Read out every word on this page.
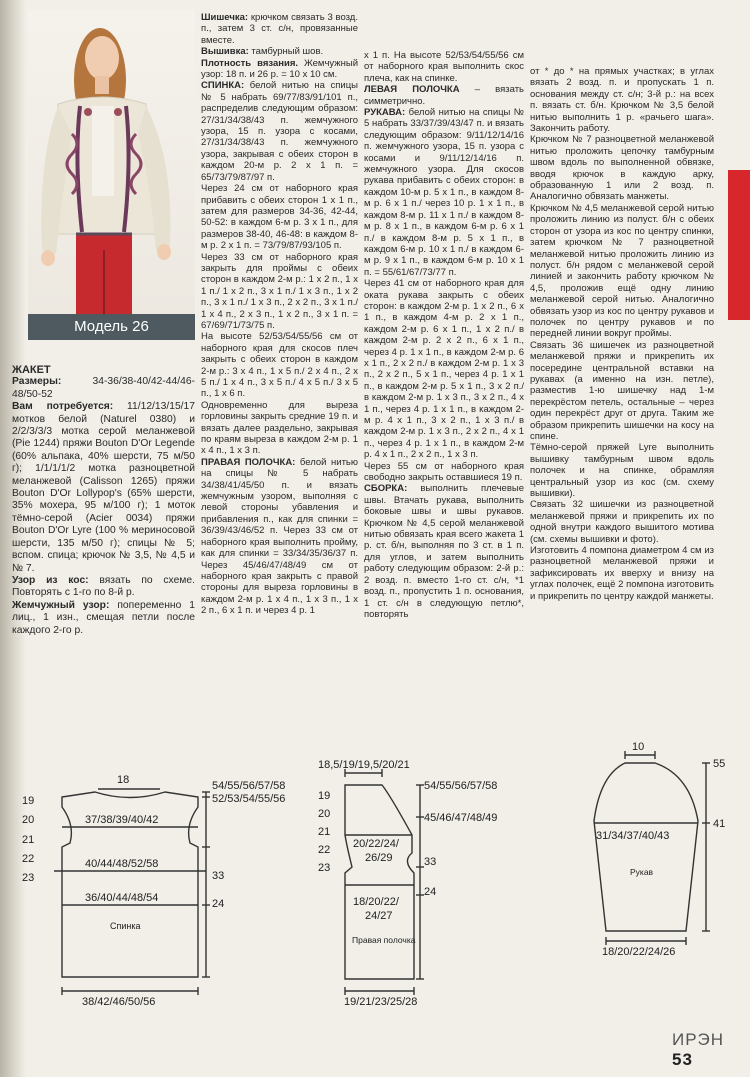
Модель 26

ЖАКЕТ

Размеры:	34-36/38-40/42-44/46-48/50-52

Вам потребуется: 11/12/13/15/17 мотков белой (Naturel 0380) и 2/2/3/3/3 мотка серой меланжевой (Pie 1244) пряжи Bouton D'Or Legende (60% альпака, 40% шерсти, 75 м/50 г); 1/1/1/1/2 мотка разноцветной меланжевой (Calisson 1265) пряжи Bouton D'Or Lollypop's (65% шерсти, 35% мохера, 95 м/100 г); 1 моток тёмно-серой (Acier 0034) пряжи Bouton D'Or Lyre (100 % мериносовой шерсти, 135 м/50 г); спицы № 5; вспом. спица; крючок № 3,5, № 4,5 и № 7.

Узор из кос: вязать по схеме. Повторять с 1-го по 8-й р.

Жемчужный узор: попеременно 1 лиц., 1 изн., смещая петли после каждого 2-го р.

Шишечка: крючком связать 3 возд. п., затем 3 ст. с/н, провязанные вместе.

Вышивка: тамбурный шов.

Плотность вязания. Жемчужный узор: 18 п. и 26 р. = 10 х 10 см.

СПИНКА: белой нитью на спицы № 5 набрать 69/77/83/91/101 п., распределив следующим образом: 27/31/34/38/43 п. жемчужного узора, 15 п. узора с косами, 27/31/34/38/43 п. жемчужного узора, закрывая с обеих сторон в каждом 20-м р. 2 х 1 п. = 65/73/79/87/97 п.

Через 24 см от наборного края прибавить с обеих сторон 1 х 1 п., затем для размеров 34-36, 42-44, 50-52: в каждом 6-м р. 3 х 1 п., для размеров 38-40, 46-48: в каждом 8-м р. 2 х 1 п. = 73/79/87/93/105 п.

Через 33 см от наборного края закрыть для проймы с обеих сторон в каждом 2-м р.: 1 х 2 п., 1 х 1 п./ 1 х 2 п., 3 х 1 п./ 1 х 3 п., 1 х 2 п., 3 х 1 п./ 1 х 3 п., 2 х 2 п., 3 х 1 п./ 1 х 4 п., 2 х 3 п., 1 х 2 п., 3 х 1 п. = 67/69/71/73/75 п.

На высоте 52/53/54/55/56 см от наборного края для скосов плеч закрыть с обеих сторон в каждом 2-м р.: 3 х 4 п., 1 х 5 п./ 2 х 4 п., 2 х 5 п./ 1 х 4 п., 3 х 5 п./ 4 х 5 п./ 3 х 5 п., 1 х 6 п.

Одновременно для выреза горловины закрыть средние 19 п. и вязать далее раздельно, закрывая по краям выреза в каждом 2-м р. 1 х 4 п., 1 х 3 п.

ПРАВАЯ ПОЛОЧКА: белой нитью на спицы № 5 набрать 34/38/41/45/50 п. и вязать жемчужным узором, выполняя с левой стороны убавления и прибавления п., как для спинки = 36/39/43/46/52 п. Через 33 см от наборного края выполнить пройму, как для спинки = 33/34/35/36/37 п. Через 45/46/47/48/49 см от наборного края закрыть с правой стороны для выреза горловины в каждом 2-м р. 1 х 4 п., 1 х 3 п., 1 х 2 п., 6 х 1 п. и через 4 р. 1

х 1 п. На высоте 52/53/54/55/56 см от наборного края выполнить скос плеча, как на спинке.

ЛЕВАЯ ПОЛОЧКА – вязать симметрично.

РУКАВА: белой нитью на спицы № 5 набрать 33/37/39/43/47 п. и вязать следующим образом: 9/11/12/14/16 п. жемчужного узора, 15 п. узора с косами и 9/11/12/14/16 п. жемчужного узора. Для скосов рукава прибавить с обеих сторон: в каждом 10-м р. 5 х 1 п., в каждом 8-м р. 6 х 1 п./ через 10 р. 1 х 1 п., в каждом 8-м р. 11 х 1 п./ в каждом 8-м р. 8 х 1 п., в каждом 6-м р. 6 х 1 п./ в каждом 8-м р. 5 х 1 п., в каждом 6-м р. 10 х 1 п./ в каждом 6-м р. 9 х 1 п., в каждом 6-м р. 10 х 1 п. = 55/61/67/73/77 п.

Через 41 см от наборного края для оката рукава закрыть с обеих сторон: в каждом 2-м р. 1 х 2 п., 6 х 1 п., в каждом 4-м р. 2 х 1 п., каждом 2-м р. 6 х 1 п., 1 х 2 п./ в каждом 2-м р. 2 х 2 п., 6 х 1 п., через 4 р. 1 х 1 п., в каждом 2-м р. 6 х 1 п., 2 х 2 п./ в каждом 2-м р. 1 х 3 п., 2 х 2 п., 5 х 1 п., через 4 р. 1 х 1 п., в каждом 2-м р. 5 х 1 п., 3 х 2 п./ в каждом 2-м р. 1 х 3 п., 3 х 2 п., 4 х 1 п., через 4 р. 1 х 1 п., в каждом 2-м р. 4 х 1 п., 3 х 2 п., 1 х 3 п./ в каждом 2-м р. 1 х 3 п., 2 х 2 п., 4 х 1 п., через 4 р. 1 х 1 п., в каждом 2-м р. 4 х 1 п., 2 х 2 п., 1 х 3 п.

Через 55 см от наборного края свободно закрыть оставшиеся 19 п.

СБОРКА: выполнить плечевые швы. Втачать рукава, выполнить боковые швы и швы рукавов. Крючком № 4,5 серой меланжевой нитью обвязать края всего жакета 1 р. ст. б/н, выполняя по 3 ст. в 1 п. для углов, и затем выполнить работу следующим образом: 2-й р.: 2 возд. п. вместо 1-го ст. с/н, *1 возд. п., пропустить 1 п. основания, 1 ст. с/н в следующую петлю*, повторять

от * до * на прямых участках; в углах вязать 2 возд. п. и пропускать 1 п. основания между ст. с/н; 3-й р.: на всех п. вязать ст. б/н. Крючком № 3,5 белой нитью выполнить 1 р. «рачьего шага». Закончить работу.

Крючком № 7 разноцветной меланжевой нитью проложить цепочку тамбурным швом вдоль по выполненной обвязке, вводя крючок в каждую арку, образованную 1 или 2 возд. п. Аналогично обвязать манжеты.

Крючком № 4,5 меланжевой серой нитью проложить линию из полуст. б/н с обеих сторон от узора из кос по центру спинки, затем крючком № 7 разноцветной меланжевой нитью проложить линию из полуст. б/н рядом с меланжевой серой линией и закончить работу крючком № 4,5, проложив ещё одну линию меланжевой серой нитью. Аналогично обвязать узор из кос по центру рукавов и полочек по центру рукавов и по передней линии вокруг проймы.

Связать 36 шишечек из разноцветной меланжевой пряжи и прикрепить их посередине центральной вставки на рукавах (а именно на изн. петле), разместив 1-ю шишечку над 1-м перекрёстом петель, остальные – через один перекрёст друг от друга. Таким же образом прикрепить шишечки на косу на спине.

Тёмно-серой пряжей Lyre выполнить вышивку тамбурным швом вдоль полочек и на спинке, обрамляя центральный узор из кос (см. схему вышивки).

Связать 32 шишечки из разноцветной меланжевой пряжи и прикрепить их по одной внутри каждого вышитого мотива (см. схемы вышивки и фото).

Изготовить 4 помпона диаметром 4 см из разноцветной меланжевой пряжи и зафиксировать их вверху и внизу на углах полочек, ещё 2 помпона изготовить и прикрепить по центру каждой манжеты.

18
19
20
21
22
23
37/38/39/40/42
40/44/48/52/58
36/40/44/48/54
38/42/46/50/56
Спинка
54/55/56/57/58
52/53/54/55/56
33
24
18,5/19/19,5/20/21
19
20
21
22
23
20/22/24/
26/29
18/20/22/
24/27
19/21/23/25/28
Правая полочка
54/55/56/57/58
45/46/47/48/49
33
24
10
31/34/37/40/43
18/20/22/24/26
Рукав
55
41
ИРЭН 53
